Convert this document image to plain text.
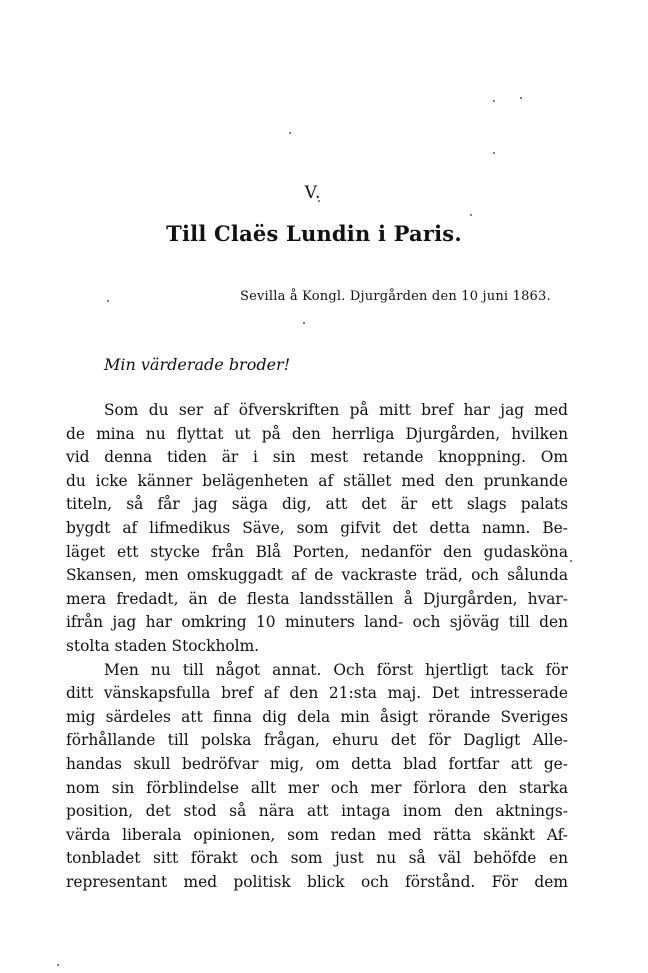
V.
Till Claës Lundin i Paris.
Sevilla å Kongl. Djurgården den 10 juni 1863.
Min värderade broder!
Som du ser af öfverskriften på mitt bref har jag med
de mina nu flyttat ut på den herrliga Djurgården, hvilken
vid denna tiden är i sin mest retande knoppning. Om
du icke känner belägenheten af stället med den prunkande
titeln, så får jag säga dig, att det är ett slags palats
bygdt af lifmedikus Säve, som gifvit det detta namn. Be-
läget ett stycke från Blå Porten, nedanför den gudasköna
Skansen, men omskuggadt af de vackraste träd, och sålunda
mera fredadt, än de flesta landsställen å Djurgården, hvar-
ifrån jag har omkring 10 minuters land- och sjöväg till den
stolta staden Stockholm.
Men nu till något annat. Och först hjertligt tack för
ditt vänskapsfulla bref af den 21:sta maj. Det intresserade
mig särdeles att finna dig dela min åsigt rörande Sveriges
förhållande till polska frågan, ehuru det för Dagligt Alle-
handas skull bedröfvar mig, om detta blad fortfar att ge-
nom sin förblindelse allt mer och mer förlora den starka
position, det stod så nära att intaga inom den aktnings-
värda liberala opinionen, som redan med rätta skänkt Af-
tonbladet sitt förakt och som just nu så väl behöfde en
representant med politisk blick och förstånd. För dem
